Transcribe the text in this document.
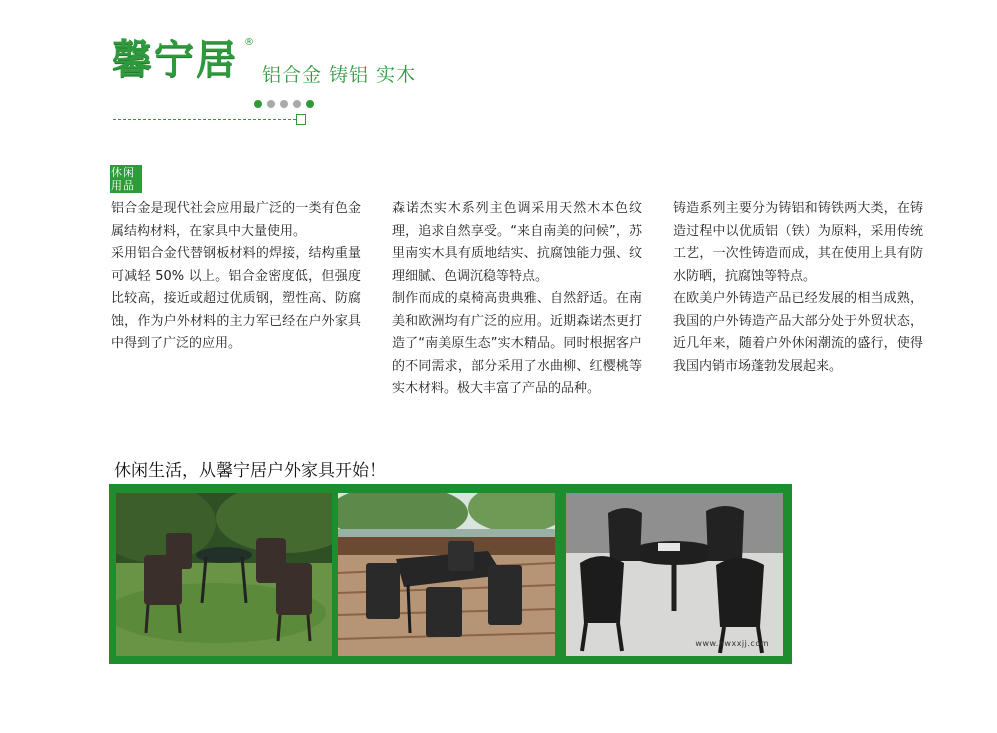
馨宁居 ®
铝合金 铸铝 实木
休闲用品

铝合金是现代社会应用最广泛的一类有色金属结构材料，在家具中大量使用。

采用铝合金代替钢板材料的焊接，结构重量可减轻 50% 以上。铝合金密度低，但强度比较高，接近或超过优质钢，塑性高、防腐蚀，作为户外材料的主力军已经在户外家具中得到了广泛的应用。

森诺杰实木系列主色调采用天然木本色纹理，追求自然享受。“来自南美的问候”，苏里南实木具有质地结实、抗腐蚀能力强、纹理细腻、色调沉稳等特点。

制作而成的桌椅高贵典雅、自然舒适。在南美和欧洲均有广泛的应用。近期森诺杰更打造了“南美原生态”实木精品。同时根据客户的不同需求，部分采用了水曲柳、红樱桃等实木材料。极大丰富了产品的品种。

铸造系列主要分为铸铝和铸铁两大类，在铸造过程中以优质铝（铁）为原料，采用传统工艺，一次性铸造而成，其在使用上具有防水防晒，抗腐蚀等特点。

在欧美户外铸造产品已经发展的相当成熟，我国的户外铸造产品大部分处于外贸状态，近几年来，随着户外休闲潮流的盛行，使得我国内销市场蓬勃发展起来。

休闲生活，从馨宁居户外家具开始！
www.hwxxjj.com
